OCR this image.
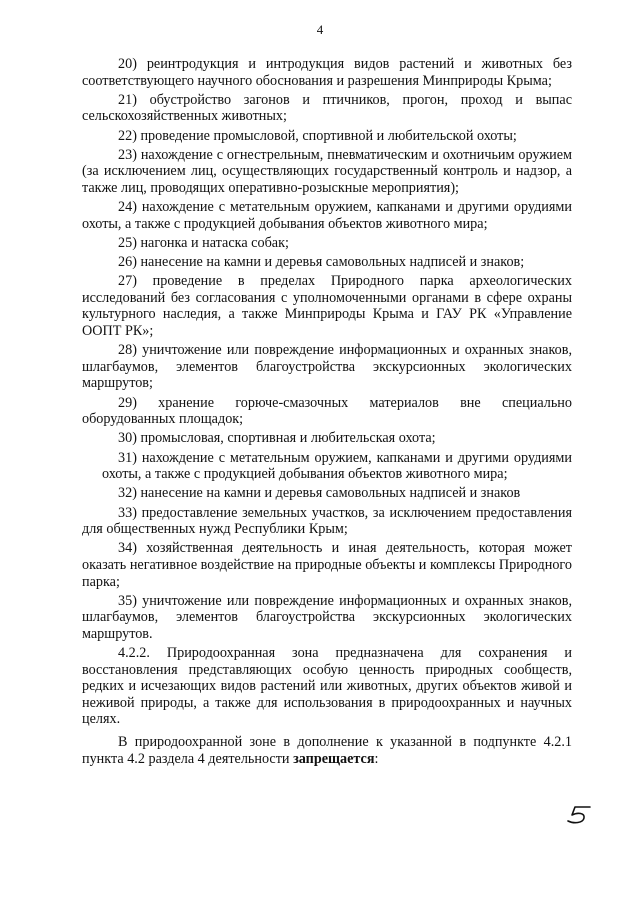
4

20) реинтродукция и интродукция видов растений и животных без соответствующего научного обоснования и разрешения Минприроды Крыма;

21) обустройство загонов и птичников, прогон, проход и выпас сельскохозяйственных животных;

22) проведение промысловой, спортивной и любительской охоты;

23) нахождение с огнестрельным, пневматическим и охотничьим оружием (за исключением лиц, осуществляющих государственный контроль и надзор, а также лиц, проводящих оперативно-розыскные мероприятия);

24) нахождение с метательным оружием, капканами и другими орудиями охоты, а также с продукцией добывания объектов животного мира;

25) нагонка и натаска собак;

26) нанесение на камни и деревья самовольных надписей и знаков;

27) проведение в пределах Природного парка археологических исследований без согласования с уполномоченными органами в сфере охраны культурного наследия, а также Минприроды Крыма и ГАУ РК «Управление ООПТ РК»;

28) уничтожение или повреждение информационных и охранных знаков, шлагбаумов, элементов благоустройства экскурсионных экологических маршрутов;

29) хранение горюче-смазочных материалов вне специально оборудованных площадок;

30) промысловая, спортивная и любительская охота;

31) нахождение с метательным оружием, капканами и другими орудиями охоты, а также с продукцией добывания объектов животного мира;

32) нанесение на камни и деревья самовольных надписей и знаков

33) предоставление земельных участков, за исключением предоставления для общественных нужд Республики Крым;

34) хозяйственная деятельность и иная деятельность, которая может оказать негативное воздействие на природные объекты и комплексы Природного парка;

35) уничтожение или повреждение информационных и охранных знаков, шлагбаумов, элементов благоустройства экскурсионных экологических маршрутов.

4.2.2. Природоохранная зона предназначена для сохранения и восстановления представляющих особую ценность природных сообществ, редких и исчезающих видов растений или животных, других объектов живой и неживой природы, а также для использования в природоохранных и научных целях.

В природоохранной зоне в дополнение к указанной в подпункте 4.2.1 пункта 4.2 раздела 4 деятельности запрещается:
